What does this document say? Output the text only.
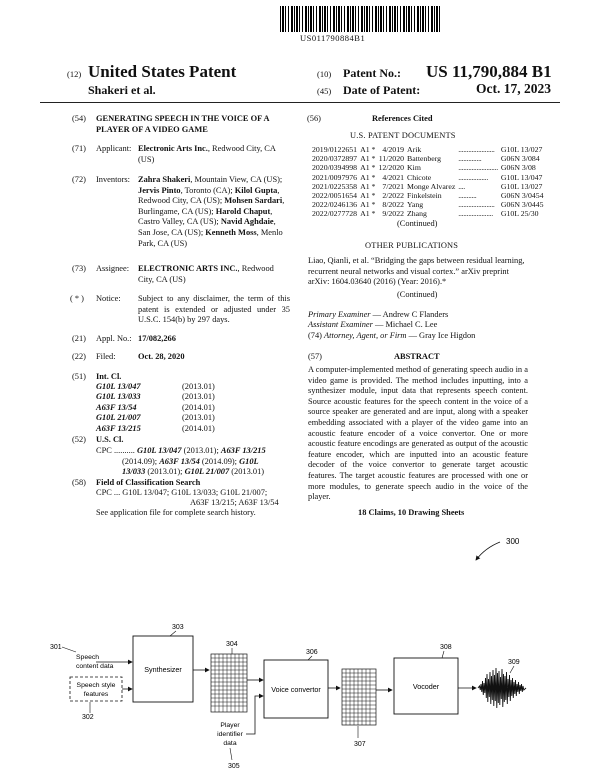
US011790884B1
(12) United States Patent
Shakeri et al.
(10) Patent No.: US 11,790,884 B1
(45) Date of Patent:	Oct. 17, 2023
(54) GENERATING SPEECH IN THE VOICE OF A PLAYER OF A VIDEO GAME
(71) Applicant: Electronic Arts Inc., Redwood City, CA (US)
(72) Inventors: Zahra Shakeri, Mountain View, CA (US); Jervis Pinto, Toronto (CA); Kilol Gupta, Redwood City, CA (US); Mohsen Sardari, Burlingame, CA (US); Harold Chaput, Castro Valley, CA (US); Navid Aghdaie, San Jose, CA (US); Kenneth Moss, Menlo Park, CA (US)
(73) Assignee: ELECTRONIC ARTS INC., Redwood City, CA (US)
( * ) Notice: Subject to any disclaimer, the term of this patent is extended or adjusted under 35 U.S.C. 154(b) by 297 days.
(21) Appl. No.: 17/082,266
(22) Filed:	Oct. 28, 2020
(51) Int. Cl.
G10L 13/047	(2013.01)
G10L 13/033	(2013.01)
A63F 13/54	(2014.01)
G10L 21/007	(2013.01)
A63F 13/215	(2014.01)
(52) U.S. Cl.
CPC .......... G10L 13/047 (2013.01); A63F 13/215
(2014.09); A63F 13/54 (2014.09); G10L
13/033 (2013.01); G10L 21/007 (2013.01)
(58) Field of Classification Search
CPC ... G10L 13/047; G10L 13/033; G10L 21/007;
A63F 13/215; A63F 13/54
See application file for complete search history.
(56)	References Cited
U.S. PATENT DOCUMENTS
2019/0122651	A1 *	4/2019	Arik	......................	G10L 13/027
2020/0372897	A1 *	11/2020	Battenberg	..............	G06N 3/084
2020/0394998	A1 *	12/2020	Kim	........................	G06N 3/08
2021/0097976	A1 *	4/2021	Chicote	..................	G10L 13/047
2021/0225358	A1 *	7/2021	Monge Alvarez	....	G10L 13/027
2022/0051654	A1 *	2/2022	Finkelstein	...........	G06N 3/0454
2022/0246136	A1 *	8/2022	Yang	......................	G06N 3/0445
2022/0277728	A1 *	9/2022	Zhang	.....................	G10L 25/30
(Continued)
OTHER PUBLICATIONS
Liao, Qianli, et al. “Bridging the gaps between residual learning, recurrent neural networks and visual cortex.” arXiv preprint arXiv: 1604.03640 (2016) (Year: 2016).*
(Continued)
Primary Examiner — Andrew C Flanders
Assistant Examiner — Michael C. Lee
(74) Attorney, Agent, or Firm — Gray Ice Higdon
(57)	ABSTRACT
A computer-implemented method of generating speech audio in a video game is provided. The method includes inputting, into a synthesizer module, input data that represents speech content. Source acoustic features for the speech content in the voice of a source speaker are generated and are input, along with a speaker embedding associated with a player of the video game into an acoustic feature encoder of a voice convertor. One or more acoustic feature encodings are generated as output of the acoustic feature encoder, which are inputted into an acoustic feature decoder of the voice convertor to generate target acoustic features. The target acoustic features are processed with one or more modules, to generate speech audio in the voice of the player.
18 Claims, 10 Drawing Sheets
300
301
Speech
content data
Speech style
features
302
Synthesizer
303
304
Player
identifier
data
305
Voice convertor
306
307
Vocoder
308
309
